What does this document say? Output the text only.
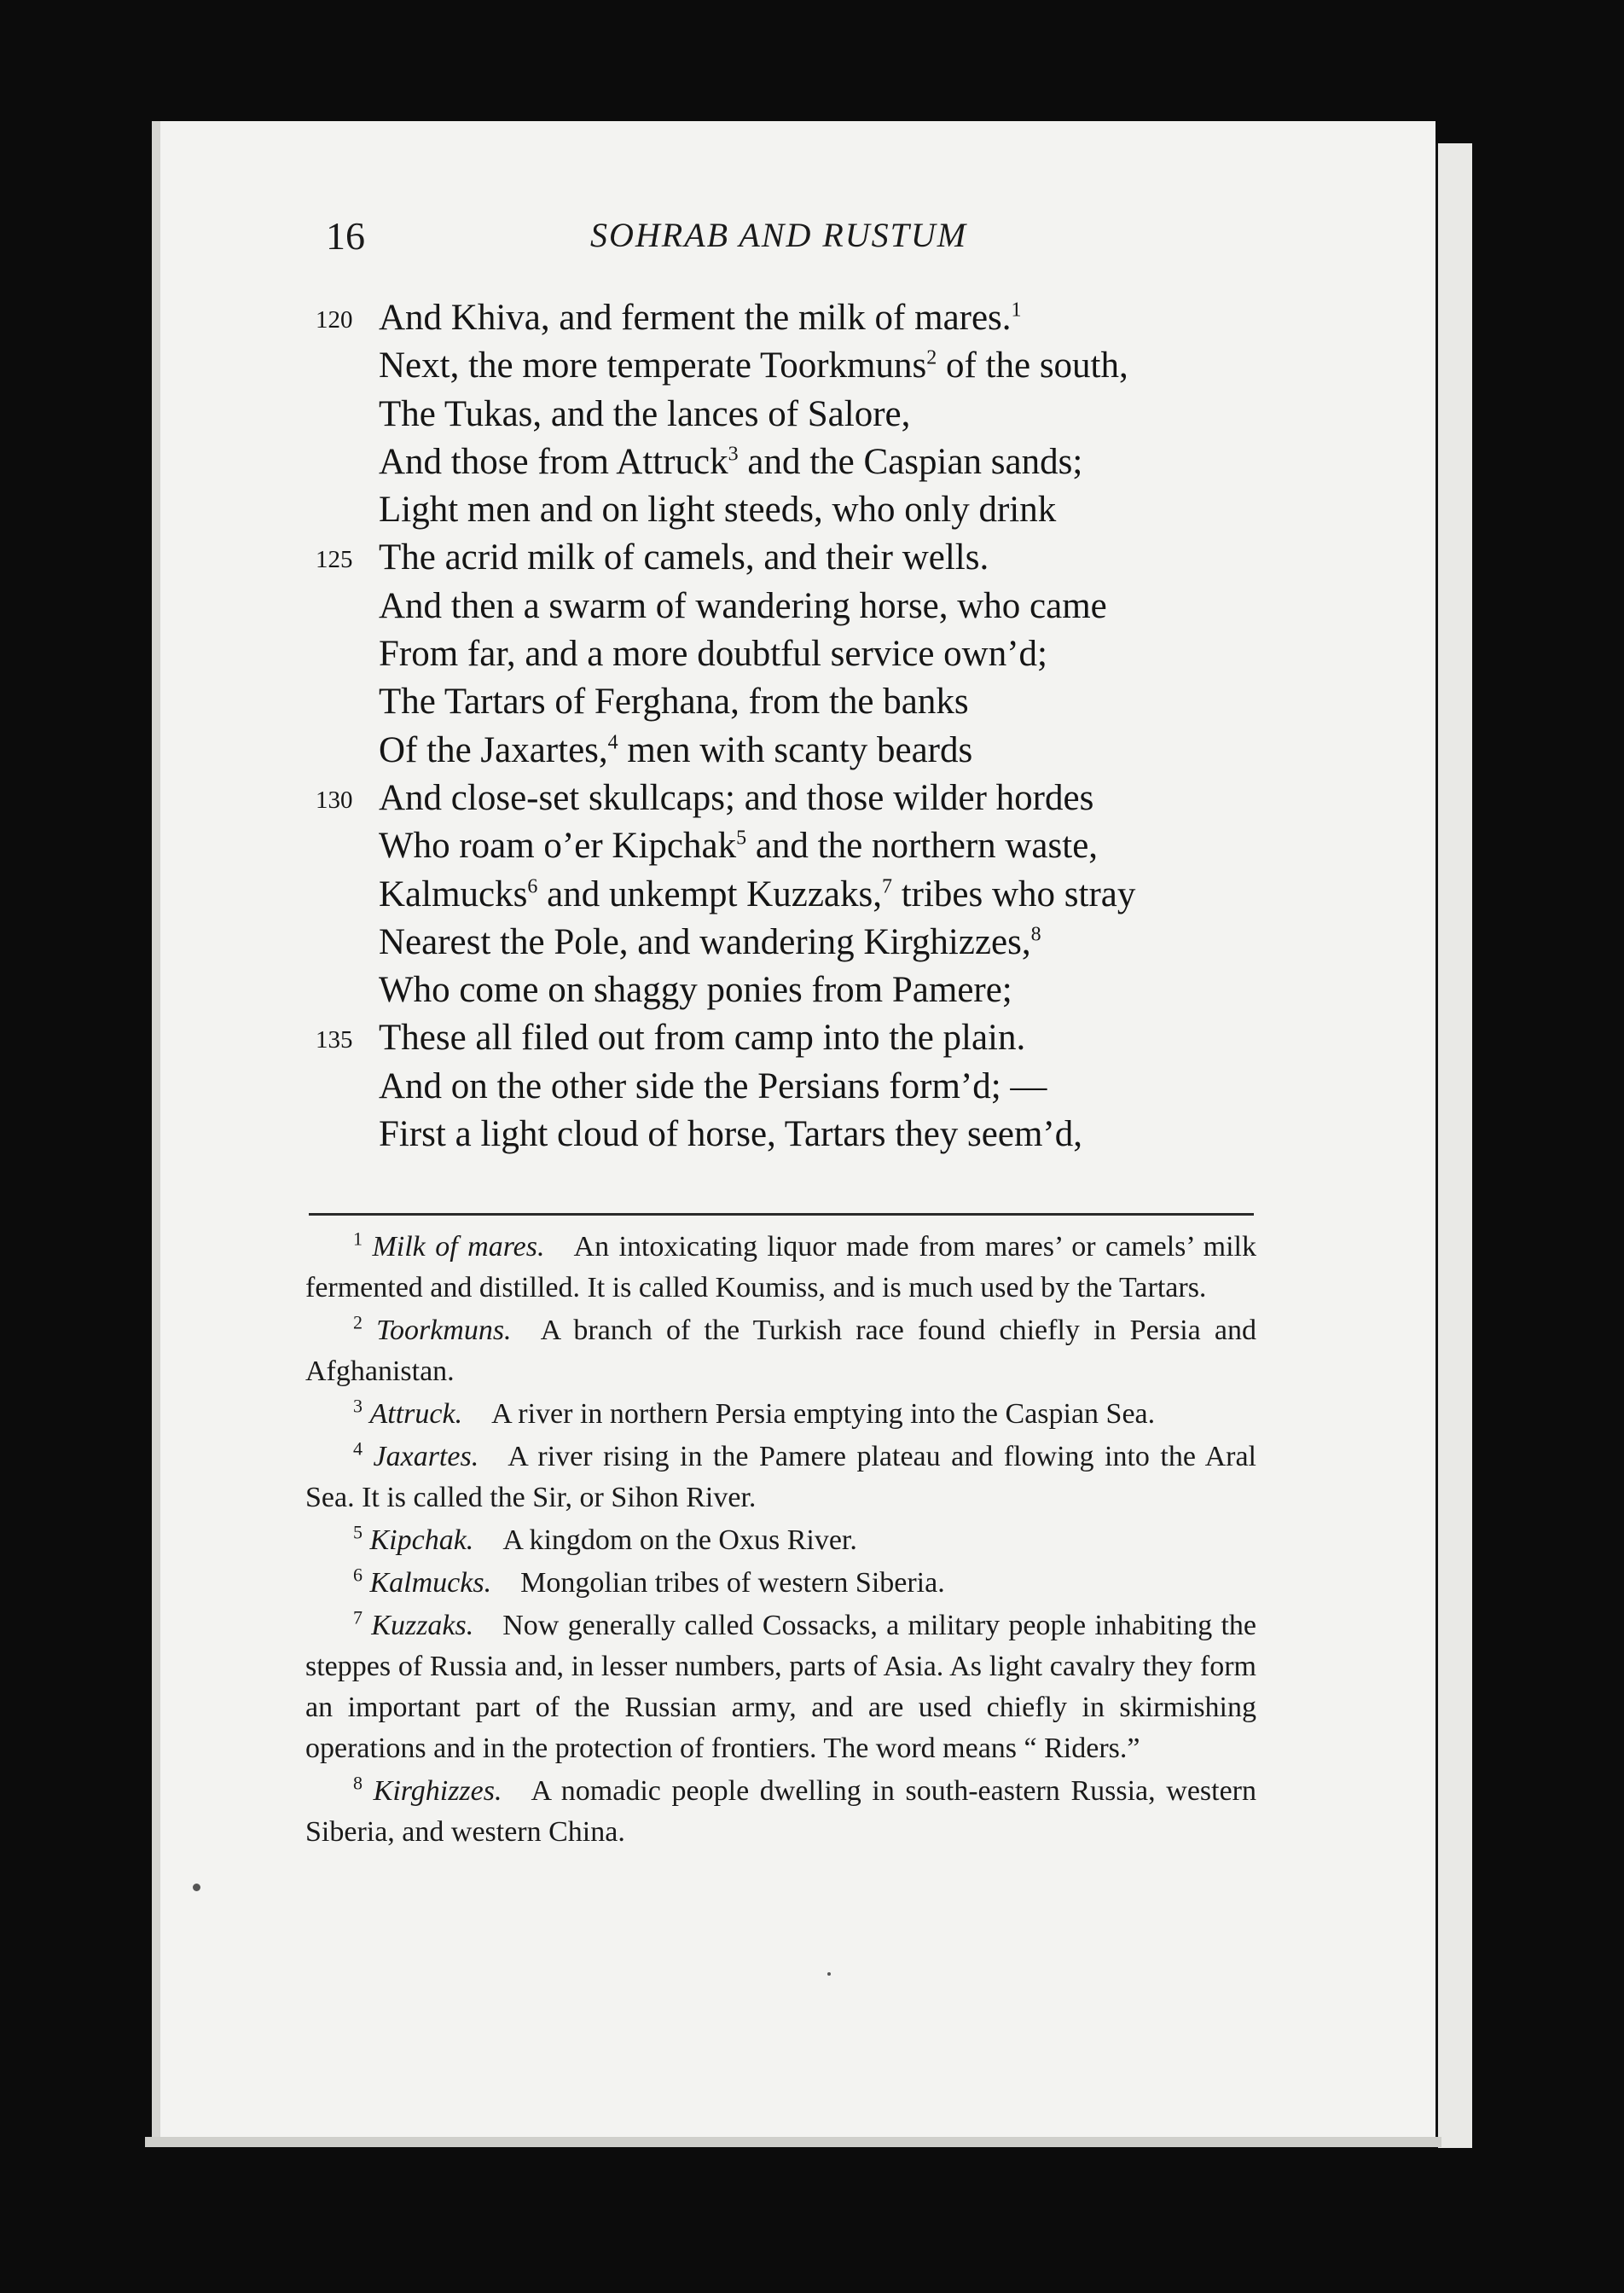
16	SOHRAB AND RUSTUM
120 And Khiva, and ferment the milk of mares.$^1$
Next, the more temperate Toorkmuns$^2$ of the south,
The Tukas, and the lances of Salore,
And those from Attruck$^3$ and the Caspian sands;
Light men and on light steeds, who only drink
125 The acrid milk of camels, and their wells.
And then a swarm of wandering horse, who came
From far, and a more doubtful service own’d;
The Tartars of Ferghana, from the banks
Of the Jaxartes,$^4$ men with scanty beards
130 And close-set skullcaps; and those wilder hordes
Who roam o’er Kipchak$^5$ and the northern waste,
Kalmucks$^6$ and unkempt Kuzzaks,$^7$ tribes who stray
Nearest the Pole, and wandering Kirghizzes,$^8$
Who come on shaggy ponies from Pamere;
135 These all filed out from camp into the plain.
And on the other side the Persians form’d; —
First a light cloud of horse, Tartars they seem’d,

$^1$ Milk of mares.  An intoxicating liquor made from mares’ or camels’ milk fermented and distilled. It is called Koumiss, and is much used by the Tartars.

$^2$ Toorkmuns.  A branch of the Turkish race found chiefly in Persia and Afghanistan.

$^3$ Attruck.  A river in northern Persia emptying into the Caspian Sea.

$^4$ Jaxartes.  A river rising in the Pamere plateau and flowing into the Aral Sea. It is called the Sir, or Sihon River.

$^5$ Kipchak.  A kingdom on the Oxus River.

$^6$ Kalmucks.  Mongolian tribes of western Siberia.

$^7$ Kuzzaks.  Now generally called Cossacks, a military people inhabiting the steppes of Russia and, in lesser numbers, parts of Asia. As light cavalry they form an important part of the Russian army, and are used chiefly in skirmishing operations and in the protection of frontiers. The word means “ Riders.”

$^8$ Kirghizzes.  A nomadic people dwelling in south-eastern Russia, western Siberia, and western China.
